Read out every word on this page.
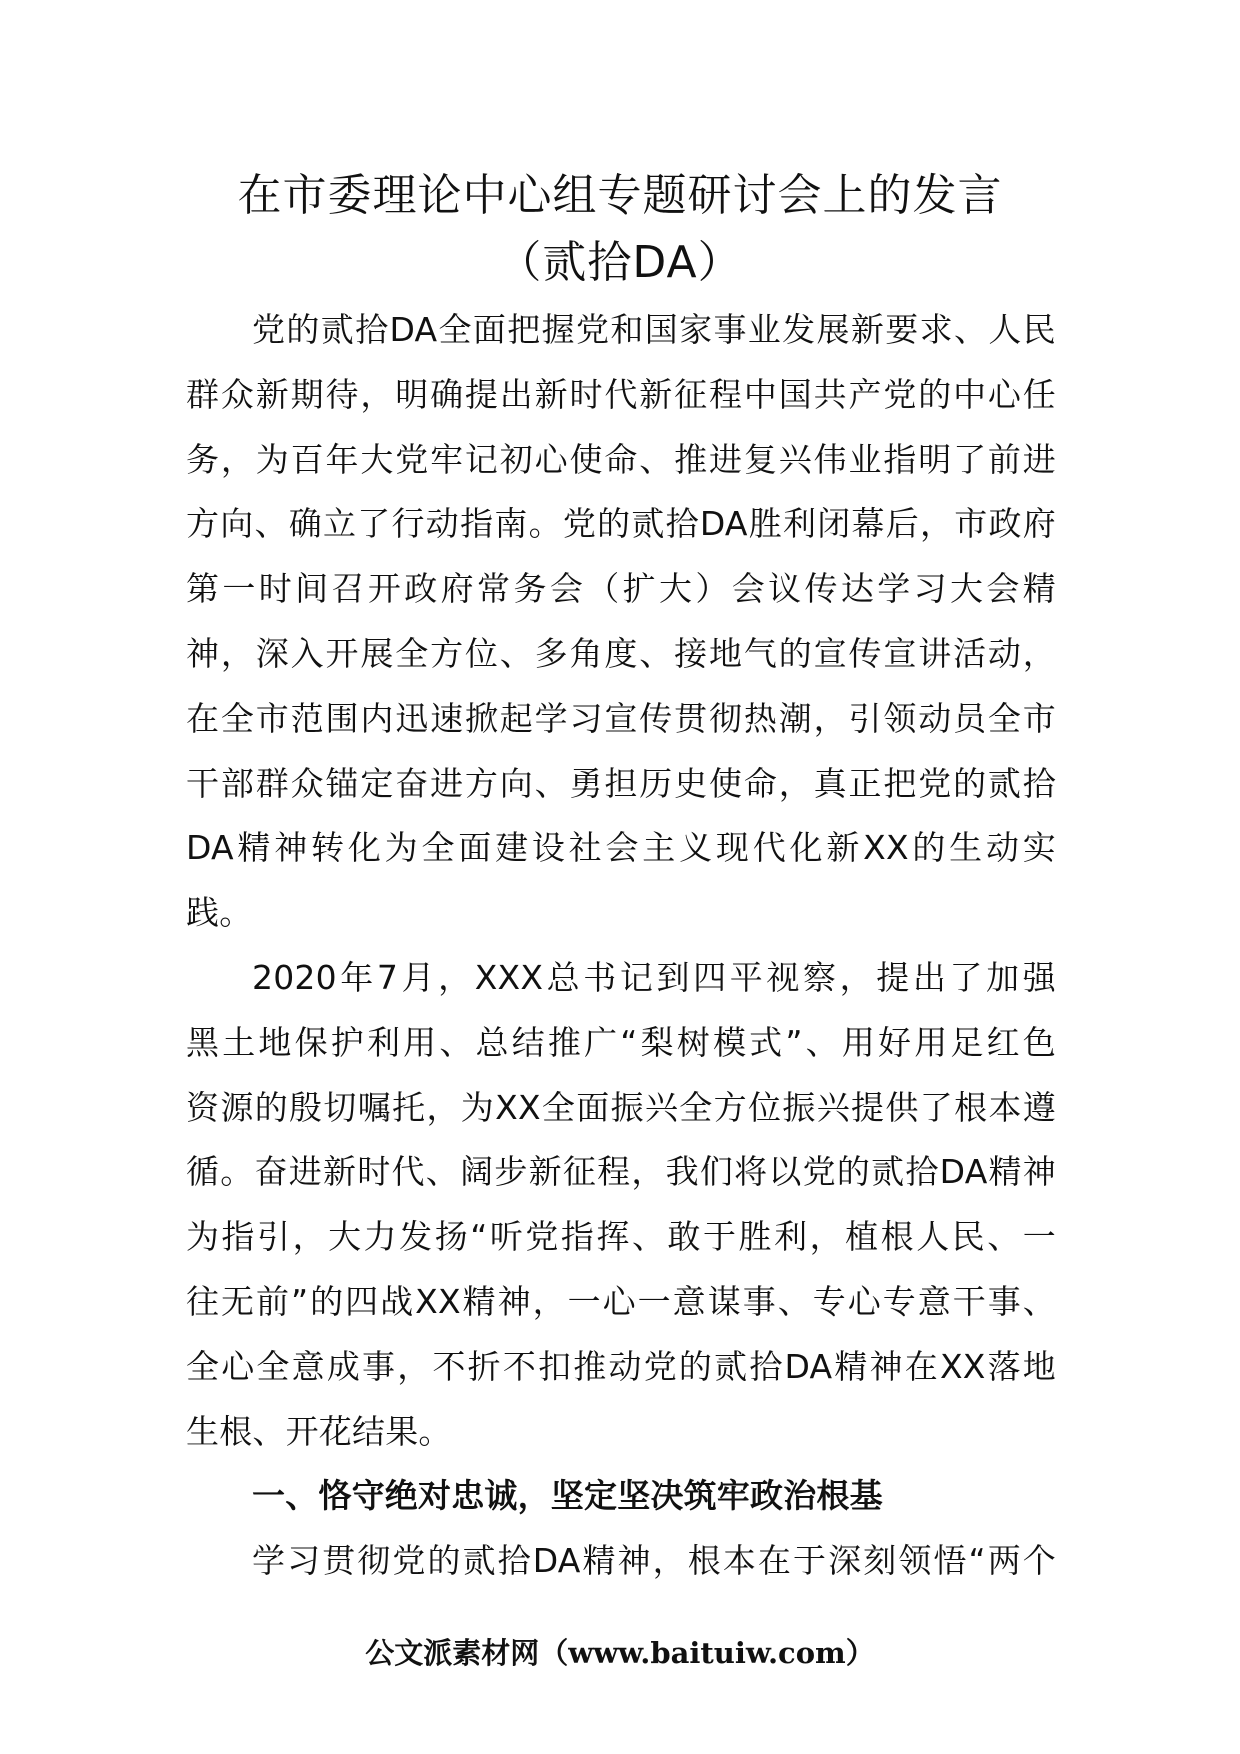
在市委理论中心组专题研讨会上的发言
（贰拾DA）
党的贰拾DA全面把握党和国家事业发展新要求、人民
群众新期待，明确提出新时代新征程中国共产党的中心任
务，为百年大党牢记初心使命、推进复兴伟业指明了前进
方向、确立了行动指南。党的贰拾DA胜利闭幕后，市政府
第一时间召开政府常务会（扩大）会议传达学习大会精
神，深入开展全方位、多角度、接地气的宣传宣讲活动，
在全市范围内迅速掀起学习宣传贯彻热潮，引领动员全市
干部群众锚定奋进方向、勇担历史使命，真正把党的贰拾
DA精神转化为全面建设社会主义现代化新XX的生动实
践。
2020年7月，XXX总书记到四平视察，提出了加强
黑土地保护利用、总结推广“梨树模式”、用好用足红色
资源的殷切嘱托，为XX全面振兴全方位振兴提供了根本遵
循。奋进新时代、阔步新征程，我们将以党的贰拾DA精神
为指引，大力发扬“听党指挥、敢于胜利，植根人民、一
往无前”的四战XX精神，一心一意谋事、专心专意干事、
全心全意成事，不折不扣推动党的贰拾DA精神在XX落地
生根、开花结果。
一、恪守绝对忠诚，坚定坚决筑牢政治根基
学习贯彻党的贰拾DA精神，根本在于深刻领悟“两个
公文派素材网（www.baituiw.com）
